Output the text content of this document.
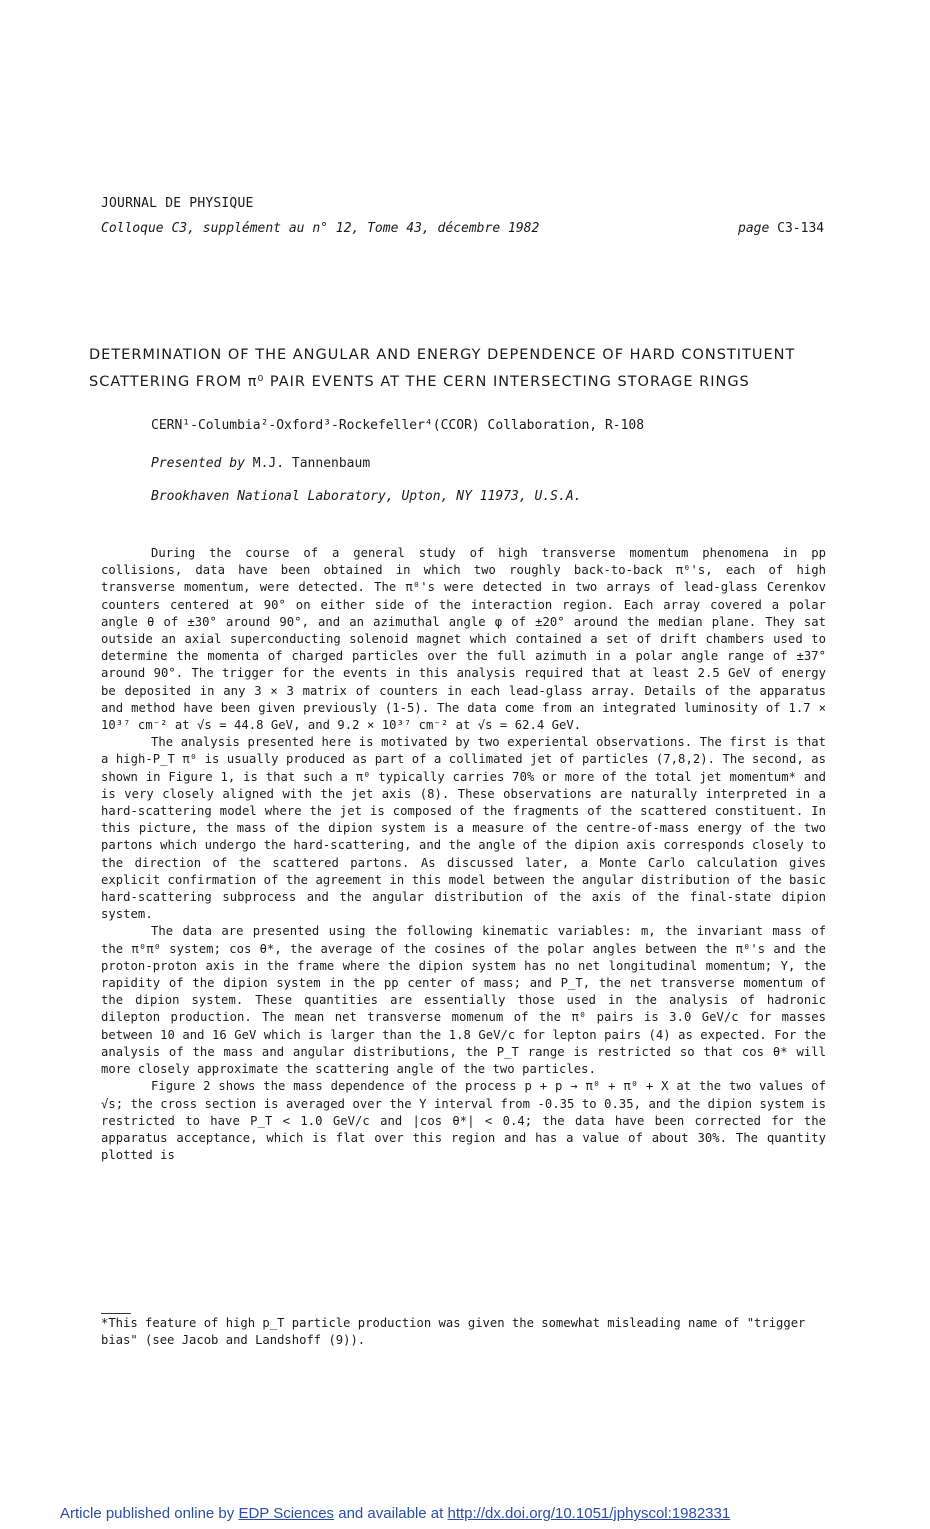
JOURNAL DE PHYSIQUE
Colloque C3, supplément au n° 12, Tome 43, décembre 1982	page C3-134
DETERMINATION OF THE ANGULAR AND ENERGY DEPENDENCE OF HARD CONSTITUENT
SCATTERING FROM π⁰ PAIR EVENTS AT THE CERN INTERSECTING STORAGE RINGS
CERN¹-Columbia²-Oxford³-Rockefeller⁴(CCOR) Collaboration, R-108
Presented by M.J. Tannenbaum
Brookhaven National Laboratory, Upton, NY 11973, U.S.A.

During the course of a general study of high transverse momentum phenomena in pp collisions, data have been obtained in which two roughly back-to-back π⁰'s, each of high transverse momentum, were detected. The π⁰'s were detected in two arrays of lead-glass Cerenkov counters centered at 90° on either side of the interaction region. Each array covered a polar angle θ of ±30° around 90°, and an azimuthal angle φ of ±20° around the median plane. They sat outside an axial superconducting solenoid magnet which contained a set of drift chambers used to determine the momenta of charged particles over the full azimuth in a polar angle range of ±37° around 90°. The trigger for the events in this analysis required that at least 2.5 GeV of energy be deposited in any 3 × 3 matrix of counters in each lead-glass array. Details of the apparatus and method have been given previously (1-5). The data come from an integrated luminosity of 1.7 × 10³⁷ cm⁻² at √s = 44.8 GeV, and 9.2 × 10³⁷ cm⁻² at √s = 62.4 GeV.

The analysis presented here is motivated by two experiental observations. The first is that a high-P_T π⁰ is usually produced as part of a collimated jet of particles (7,8,2). The second, as shown in Figure 1, is that such a π⁰ typically carries 70% or more of the total jet momentum* and is very closely aligned with the jet axis (8). These observations are naturally interpreted in a hard-scattering model where the jet is composed of the fragments of the scattered constituent. In this picture, the mass of the dipion system is a measure of the centre-of-mass energy of the two partons which undergo the hard-scattering, and the angle of the dipion axis corresponds closely to the direction of the scattered partons. As discussed later, a Monte Carlo calculation gives explicit confirmation of the agreement in this model between the angular distribution of the basic hard-scattering subprocess and the angular distribution of the axis of the final-state dipion system.

The data are presented using the following kinematic variables: m, the invariant mass of the π⁰π⁰ system; cos θ*, the average of the cosines of the polar angles between the π⁰'s and the proton-proton axis in the frame where the dipion system has no net longitudinal momentum; Y, the rapidity of the dipion system in the pp center of mass; and P_T, the net transverse momentum of the dipion system. These quantities are essentially those used in the analysis of hadronic dilepton production. The mean net transverse momenum of the π⁰ pairs is 3.0 GeV/c for masses between 10 and 16 GeV which is larger than the 1.8 GeV/c for lepton pairs (4) as expected. For the analysis of the mass and angular distributions, the P_T range is restricted so that cos θ* will more closely approximate the scattering angle of the two particles.

Figure 2 shows the mass dependence of the process p + p → π⁰ + π⁰ + X at the two values of √s; the cross section is averaged over the Y interval from -0.35 to 0.35, and the dipion system is restricted to have P_T < 1.0 GeV/c and |cos θ*| < 0.4; the data have been corrected for the apparatus acceptance, which is flat over this region and has a value of about 30%. The quantity plotted is

*This feature of high p_T particle production was given the somewhat misleading name of "trigger bias" (see Jacob and Landshoff (9)).
Article published online by EDP Sciences and available at http://dx.doi.org/10.1051/jphyscol:1982331
